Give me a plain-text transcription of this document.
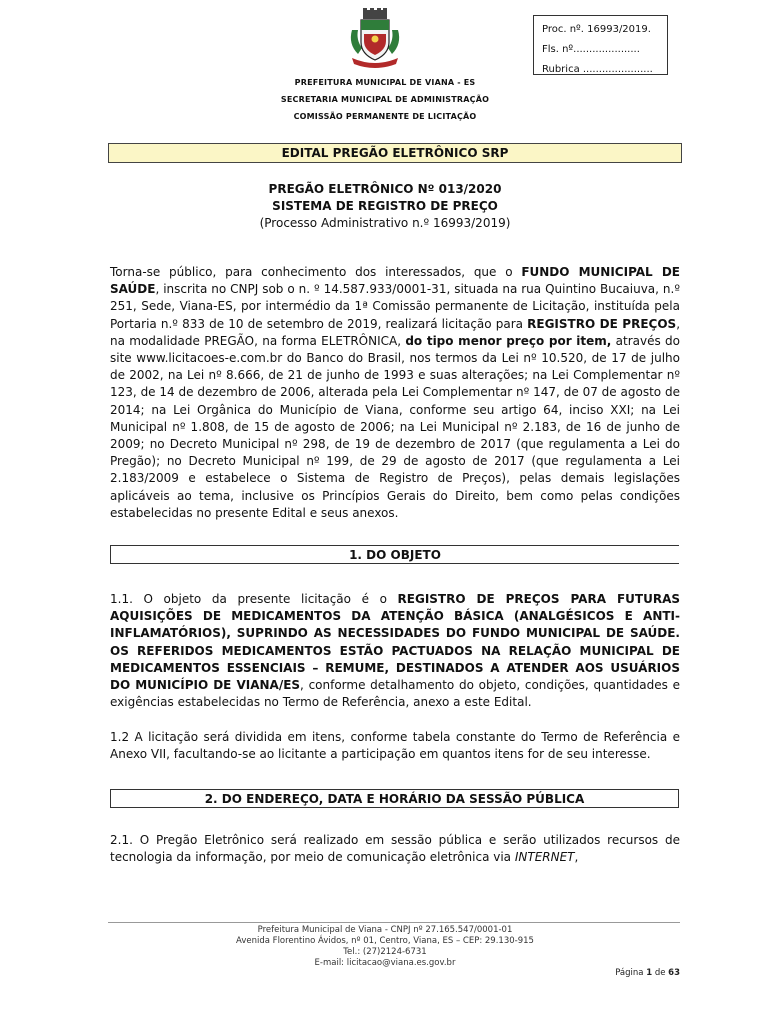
Proc. nº. 16993/2019.
Fls. nº.....................
Rubrica ......................
PREFEITURA MUNICIPAL DE VIANA - ES
SECRETARIA MUNICIPAL DE ADMINISTRAÇÃO
COMISSÃO PERMANENTE DE LICITAÇÃO
EDITAL PREGÃO ELETRÔNICO SRP
PREGÃO ELETRÔNICO Nº 013/2020
SISTEMA DE REGISTRO DE PREÇO
(Processo Administrativo n.º 16993/2019)

Torna-se público, para conhecimento dos interessados, que o FUNDO MUNICIPAL DE SAÚDE, inscrita no CNPJ sob o n. º 14.587.933/0001-31, situada na rua Quintino Bucaiuva, n.º 251, Sede, Viana-ES, por intermédio da 1ª Comissão permanente de Licitação, instituída pela Portaria n.º 833 de 10 de setembro de 2019, realizará licitação para REGISTRO DE PREÇOS, na modalidade PREGÃO, na forma ELETRÔNICA, do tipo menor preço por item, através do site www.licitacoes-e.com.br do Banco do Brasil, nos termos da Lei nº 10.520, de 17 de julho de 2002, na Lei nº 8.666, de 21 de junho de 1993 e suas alterações; na Lei Complementar nº 123, de 14 de dezembro de 2006, alterada pela Lei Complementar nº 147, de 07 de agosto de 2014; na Lei Orgânica do Município de Viana, conforme seu artigo 64, inciso XXI; na Lei Municipal nº 1.808, de 15 de agosto de 2006; na Lei Municipal nº 2.183, de 16 de junho de 2009; no Decreto Municipal nº 298, de 19 de dezembro de 2017 (que regulamenta a Lei do Pregão); no Decreto Municipal nº 199, de 29 de agosto de 2017 (que regulamenta a Lei 2.183/2009 e estabelece o Sistema de Registro de Preços), pelas demais legislações aplicáveis ao tema, inclusive os Princípios Gerais do Direito, bem como pelas condições estabelecidas no presente Edital e seus anexos.

1. DO OBJETO

1.1. O objeto da presente licitação é o REGISTRO DE PREÇOS PARA FUTURAS AQUISIÇÕES DE MEDICAMENTOS DA ATENÇÃO BÁSICA (ANALGÉSICOS E ANTI-INFLAMATÓRIOS), SUPRINDO AS NECESSIDADES DO FUNDO MUNICIPAL DE SAÚDE. OS REFERIDOS MEDICAMENTOS ESTÃO PACTUADOS NA RELAÇÃO MUNICIPAL DE MEDICAMENTOS ESSENCIAIS – REMUME, DESTINADOS A ATENDER AOS USUÁRIOS DO MUNICÍPIO DE VIANA/ES, conforme detalhamento do objeto, condições, quantidades e exigências estabelecidas no Termo de Referência, anexo a este Edital.

1.2 A licitação será dividida em itens, conforme tabela constante do Termo de Referência e Anexo VII, facultando-se ao licitante a participação em quantos itens for de seu interesse.

2. DO ENDEREÇO, DATA E HORÁRIO DA SESSÃO PÚBLICA

2.1. O Pregão Eletrônico será realizado em sessão pública e serão utilizados recursos de tecnologia da informação, por meio de comunicação eletrônica via INTERNET,

Prefeitura Municipal de Viana - CNPJ nº 27.165.547/0001-01
Avenida Florentino Ávidos, nº 01, Centro, Viana, ES – CEP: 29.130-915
Tel.: (27)2124-6731
E-mail: licitacao@viana.es.gov.br
Página 1 de 63
